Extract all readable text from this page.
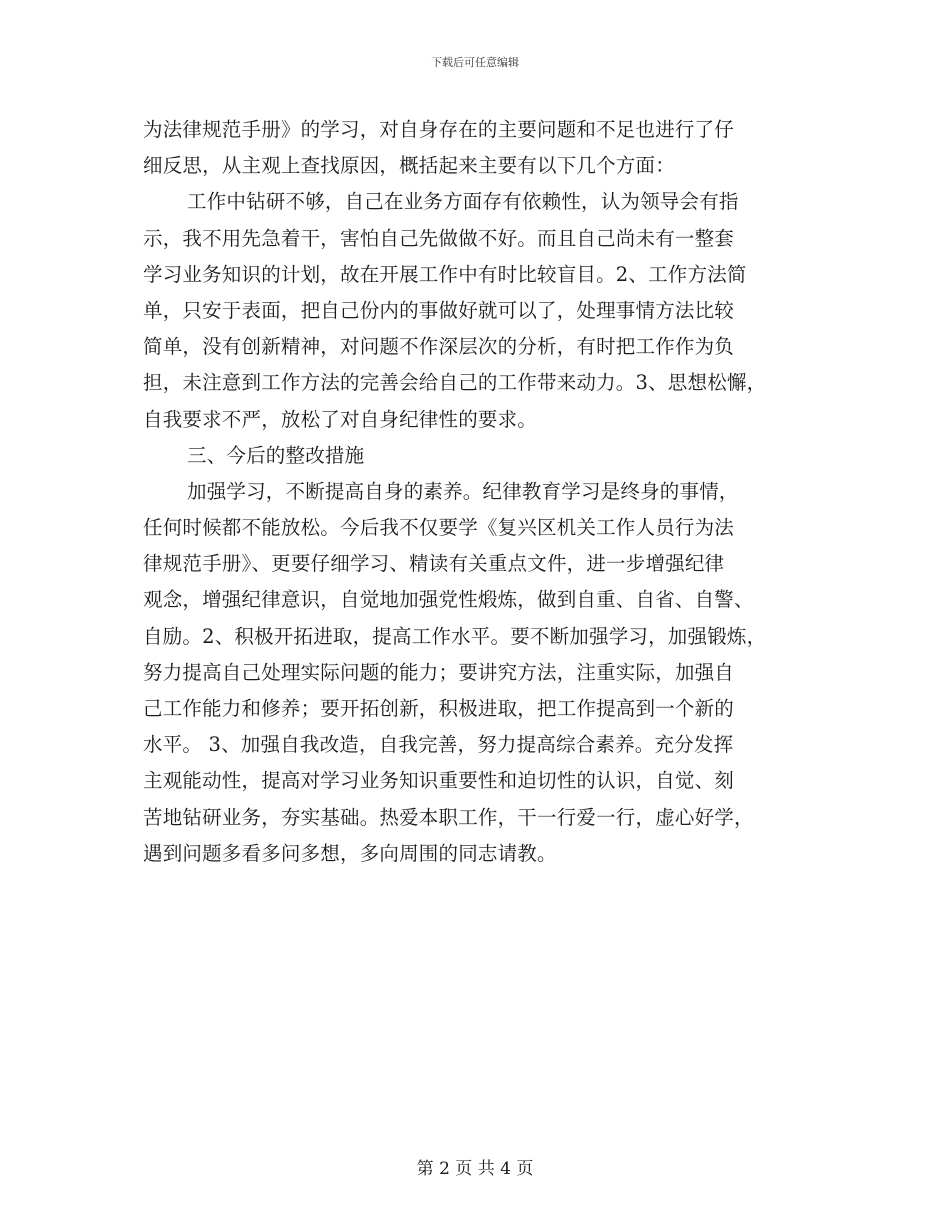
下载后可任意编辑
为法律规范手册》的学习，对自身存在的主要问题和不足也进行了仔
细反思，从主观上查找原因，概括起来主要有以下几个方面：
工作中钻研不够，自己在业务方面存有依赖性，认为领导会有指
示，我不用先急着干，害怕自己先做做不好。而且自己尚未有一整套
学习业务知识的计划，故在开展工作中有时比较盲目。2、工作方法简
单，只安于表面，把自己份内的事做好就可以了，处理事情方法比较
简单，没有创新精神，对问题不作深层次的分析，有时把工作作为负
担，未注意到工作方法的完善会给自己的工作带来动力。3、思想松懈，
自我要求不严，放松了对自身纪律性的要求。
三、今后的整改措施
加强学习，不断提高自身的素养。纪律教育学习是终身的事情，
任何时候都不能放松。今后我不仅要学《复兴区机关工作人员行为法
律规范手册》、更要仔细学习、精读有关重点文件，进一步增强纪律
观念，增强纪律意识，自觉地加强党性煅炼，做到自重、自省、自警、
自励。2、积极开拓进取，提高工作水平。要不断加强学习，加强锻炼，
努力提高自己处理实际问题的能力；要讲究方法，注重实际，加强自
己工作能力和修养；要开拓创新，积极进取，把工作提高到一个新的
水平。 3、加强自我改造，自我完善，努力提高综合素养。充分发挥
主观能动性，提高对学习业务知识重要性和迫切性的认识，自觉、刻
苦地钻研业务，夯实基础。热爱本职工作，干一行爱一行，虚心好学，
遇到问题多看多问多想，多向周围的同志请教。
第 2 页 共 4 页
